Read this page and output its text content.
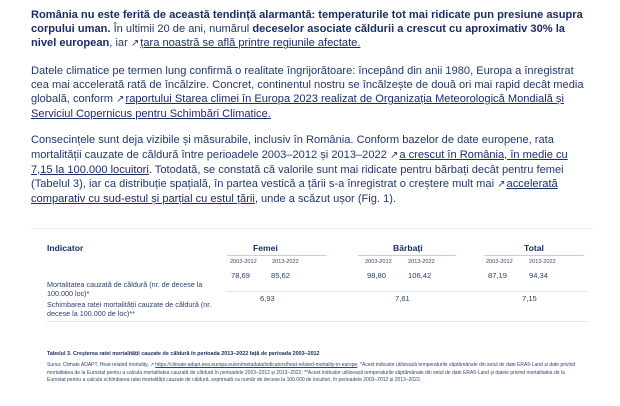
România nu este ferită de această tendință alarmantă: temperaturile tot mai ridicate pun presiune asupra corpului uman. În ultimii 20 de ani, numărul deceselor asociate căldurii a crescut cu aproximativ 30% la nivel european, iar ↗țara noastră se află printre regiunile afectate.

Datele climatice pe termen lung confirmă o realitate îngrijorătoare: începând din anii 1980, Europa a înregistrat cea mai accelerată rată de încălzire. Concret, continentul nostru se încălzește de două ori mai rapid decât media globală, conform ↗raportului Starea climei în Europa 2023 realizat de Organizația Meteorologică Mondială și Serviciul Copernicus pentru Schimbări Climatice.

Consecințele sunt deja vizibile și măsurabile, inclusiv în România. Conform bazelor de date europene, rata mortalității cauzate de căldură între perioadele 2003–2012 și 2013–2022 ↗a crescut în România, în medie cu 7,15 la 100.000 locuitori. Totodată, se constată că valorile sunt mai ridicate pentru bărbați decât pentru femei (Tabelul 3), iar ca distribuție spațială, în partea vestică a țării s-a înregistrat o creștere mult mai ↗accelerată comparativ cu sud-estul și parțial cu estul țării, unde a scăzut ușor (Fig. 1).

Indicator	Femei	Bărbați	Total
2003-2012	2013-2022	2003-2012	2013-2022	2003-2012	2013-2022
Mortalitatea cauzată de căldură (nr. de decese la 100.000 loc)*
78,69	85,62	98,80	106,42	87,19	94,34
Schimbarea ratei mortalității cauzate de căldură (nr. decese la 100.000 de loc)**
6,93	7,61	7,15
Tabelul 3. Creșterea ratei mortalității cauzate de căldură în perioada 2013–2022 față de perioada 2003–2012
Sursa: Climate ADAPT, Heat-related mortality, ↗https://climate-adapt.eea.europa.eu/en/metadata/indicators/heat-related-mortality-in-europe; *Acest indicator utilizează temperaturile săptămânale din setul de date ERA5-Land și date privind mortalitatea de la Eurostat pentru a calcula mortalitatea cauzată de căldură în perioadele 2003–2012 și 2013–2022; **Acest indicator utilizează temperaturile săptămânale din setul de date ERA5-Land și datele privind mortalitatea de la Eurostat pentru a calcula schimbarea ratei mortalității cauzate de căldură, exprimată ca număr de decese la 100.000 de locuitori, în perioadele 2003–2012 și 2013–2022.
